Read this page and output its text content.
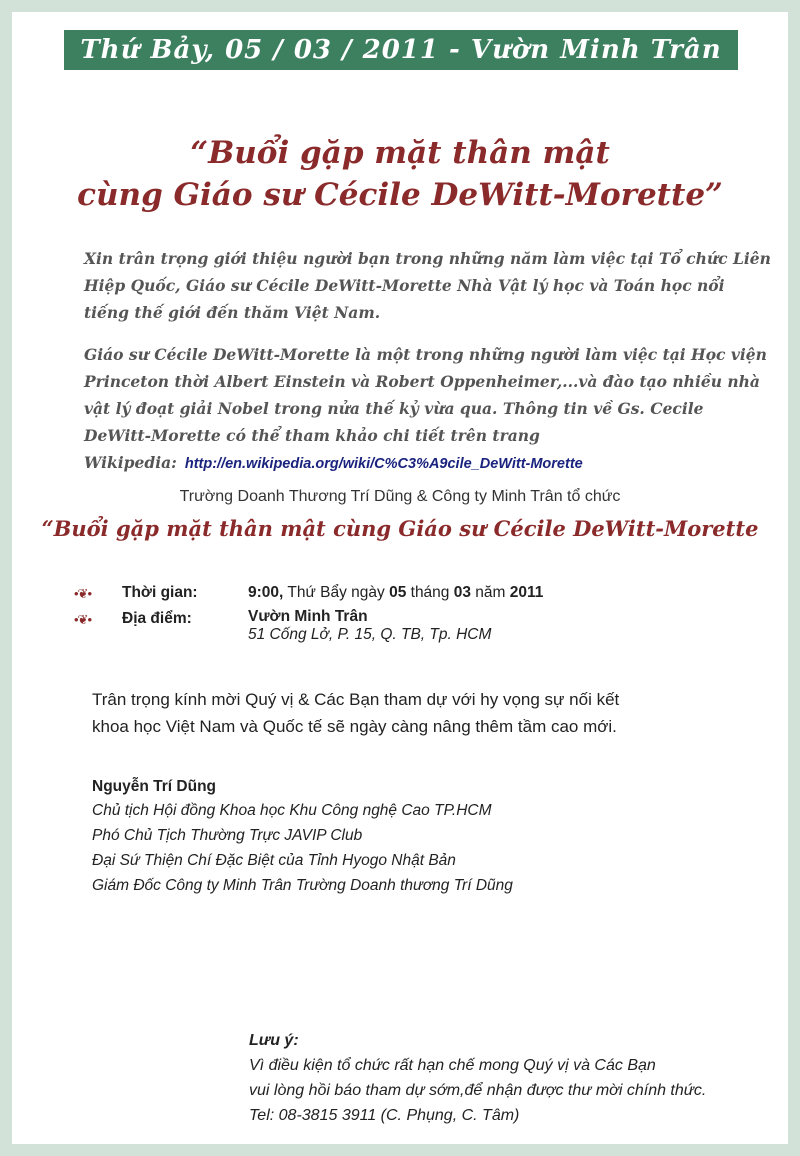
Thứ Bảy, 05 / 03 / 2011 - Vườn Minh Trân
“Buổi gặp mặt thân mật
cùng Giáo sư Cécile DeWitt-Morette”
Xin trân trọng giới thiệu người bạn trong những năm làm việc tại Tổ chức Liên Hiệp Quốc, Giáo sư Cécile DeWitt-Morette Nhà Vật lý học và Toán học nổi tiếng thế giới đến thăm Việt Nam.
Giáo sư Cécile DeWitt-Morette là một trong những người làm việc tại Học viện Princeton thời Albert Einstein và Robert Oppenheimer,...và đào tạo nhiều nhà vật lý đoạt giải Nobel trong nửa thế kỷ vừa qua. Thông tin về Gs. Cecile DeWitt-Morette có thể tham khảo chi tiết trên trang Wikipedia: http://en.wikipedia.org/wiki/C%C3%A9cile_DeWitt-Morette
Trường Doanh Thương Trí Dũng & Công ty Minh Trân tổ chức
“Buổi gặp mặt thân mật cùng Giáo sư Cécile DeWitt-Morette
•❦• Thời gian:	9:00, Thứ Bẩy ngày 05 tháng 03 năm 2011
•❦• Địa điểm:	Vườn Minh Trân
51 Cống Lở, P. 15, Q. TB, Tp. HCM
Trân trọng kính mời Quý vị & Các Bạn tham dự với hy vọng sự nối kết
khoa học Việt Nam và Quốc tế sẽ ngày càng nâng thêm tầm cao mới.
Nguyễn Trí Dũng
Chủ tịch Hội đồng Khoa học Khu Công nghệ Cao TP.HCM
Phó Chủ Tịch Thường Trực JAVIP Club
Đại Sứ Thiện Chí Đặc Biệt của Tỉnh Hyogo Nhật Bản
Giám Đốc Công ty Minh Trân Trường Doanh thương Trí Dũng
Lưu ý:
Vì điều kiện tổ chức rất hạn chế mong Quý vị và Các Bạn
vui lòng hồi báo tham dự sớm,để nhận được thư mời chính thức.
Tel: 08-3815 3911 (C. Phụng, C. Tâm)
